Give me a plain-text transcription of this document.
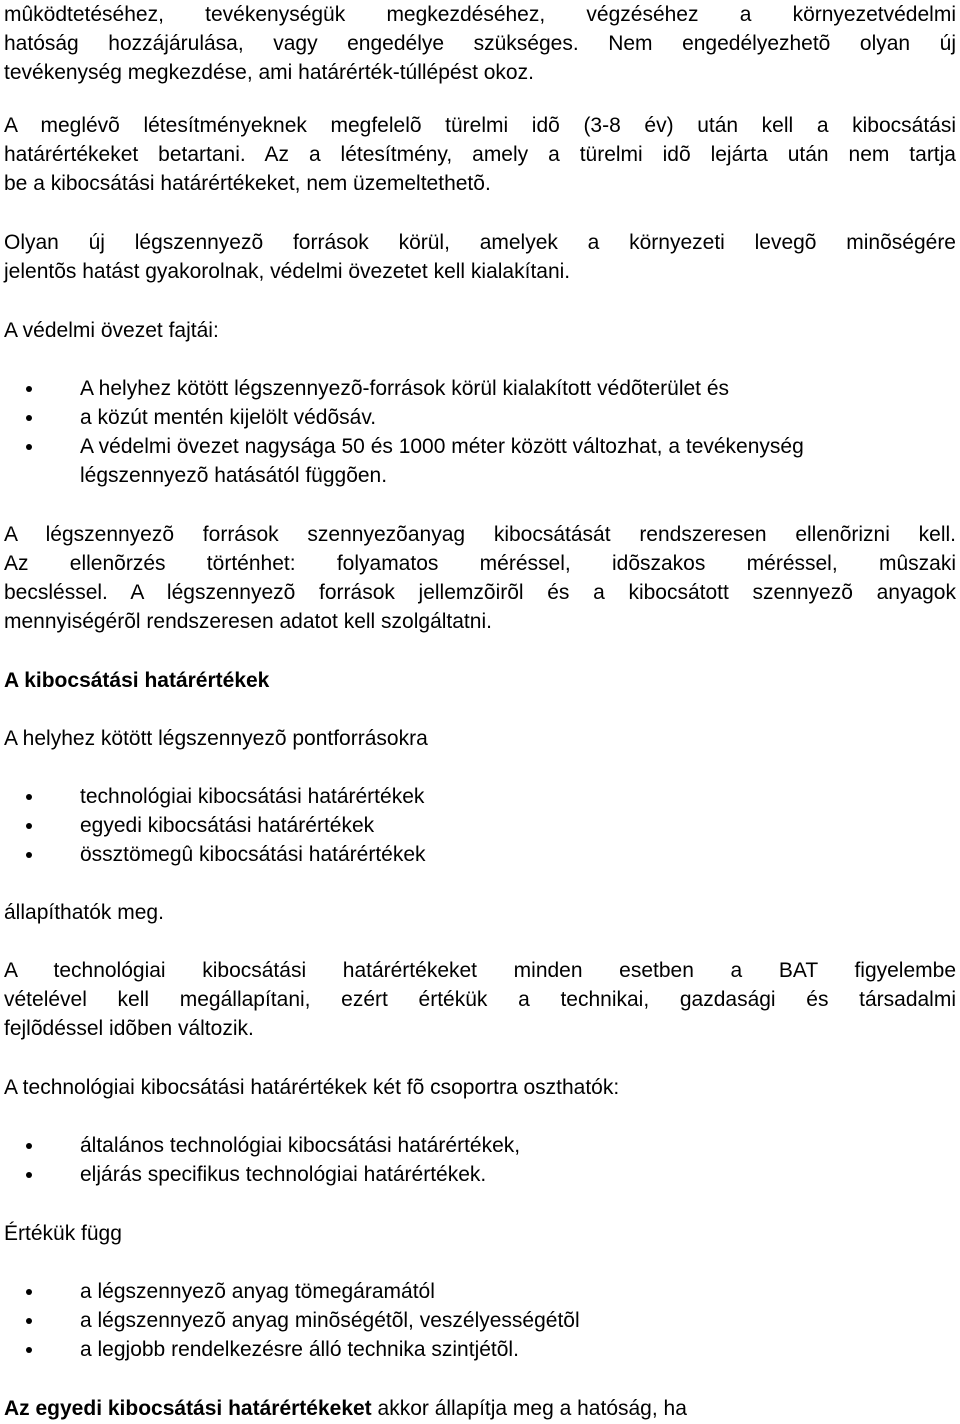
mûködtetéséhez, tevékenységük megkezdéséhez, végzéséhez a környezetvédelmi
hatóság hozzájárulása, vagy engedélye szükséges. Nem engedélyezhetõ olyan új
tevékenység megkezdése, ami határérték-túllépést okoz.
A meglévõ létesítményeknek megfelelõ türelmi idõ (3-8 év) után kell a kibocsátási
határértékeket betartani. Az a létesítmény, amely a türelmi idõ lejárta után nem tartja
be a kibocsátási határértékeket, nem üzemeltethetõ.
Olyan új légszennyezõ források körül, amelyek a környezeti levegõ minõségére
jelentõs hatást gyakorolnak, védelmi övezetet kell kialakítani.
A védelmi övezet fajtái:
A helyhez kötött légszennyezõ-források körül kialakított védõterület és
a közút mentén kijelölt védõsáv.
A védelmi övezet nagysága 50 és 1000 méter között változhat, a tevékenység
légszennyezõ hatásától függõen.
A légszennyezõ források szennyezõanyag kibocsátását rendszeresen ellenõrizni kell.
Az ellenõrzés történhet: folyamatos méréssel, idõszakos méréssel, mûszaki
becsléssel. A légszennyezõ források jellemzõirõl és a kibocsátott szennyezõ anyagok
mennyiségérõl rendszeresen adatot kell szolgáltatni.
A kibocsátási határértékek
A helyhez kötött légszennyezõ pontforrásokra
technológiai kibocsátási határértékek
egyedi kibocsátási határértékek
össztömegû kibocsátási határértékek
állapíthatók meg.
A technológiai kibocsátási határértékeket minden esetben a BAT figyelembe
vételével kell megállapítani, ezért értékük a technikai, gazdasági és társadalmi
fejlõdéssel idõben változik.
A technológiai kibocsátási határértékek két fõ csoportra oszthatók:
általános technológiai kibocsátási határértékek,
eljárás specifikus technológiai határértékek.
Értékük függ
a légszennyezõ anyag tömegáramától
a légszennyezõ anyag minõségétõl, veszélyességétõl
a legjobb rendelkezésre álló technika szintjétõl.
Az egyedi kibocsátási határértékeket akkor állapítja meg a hatóság, ha
